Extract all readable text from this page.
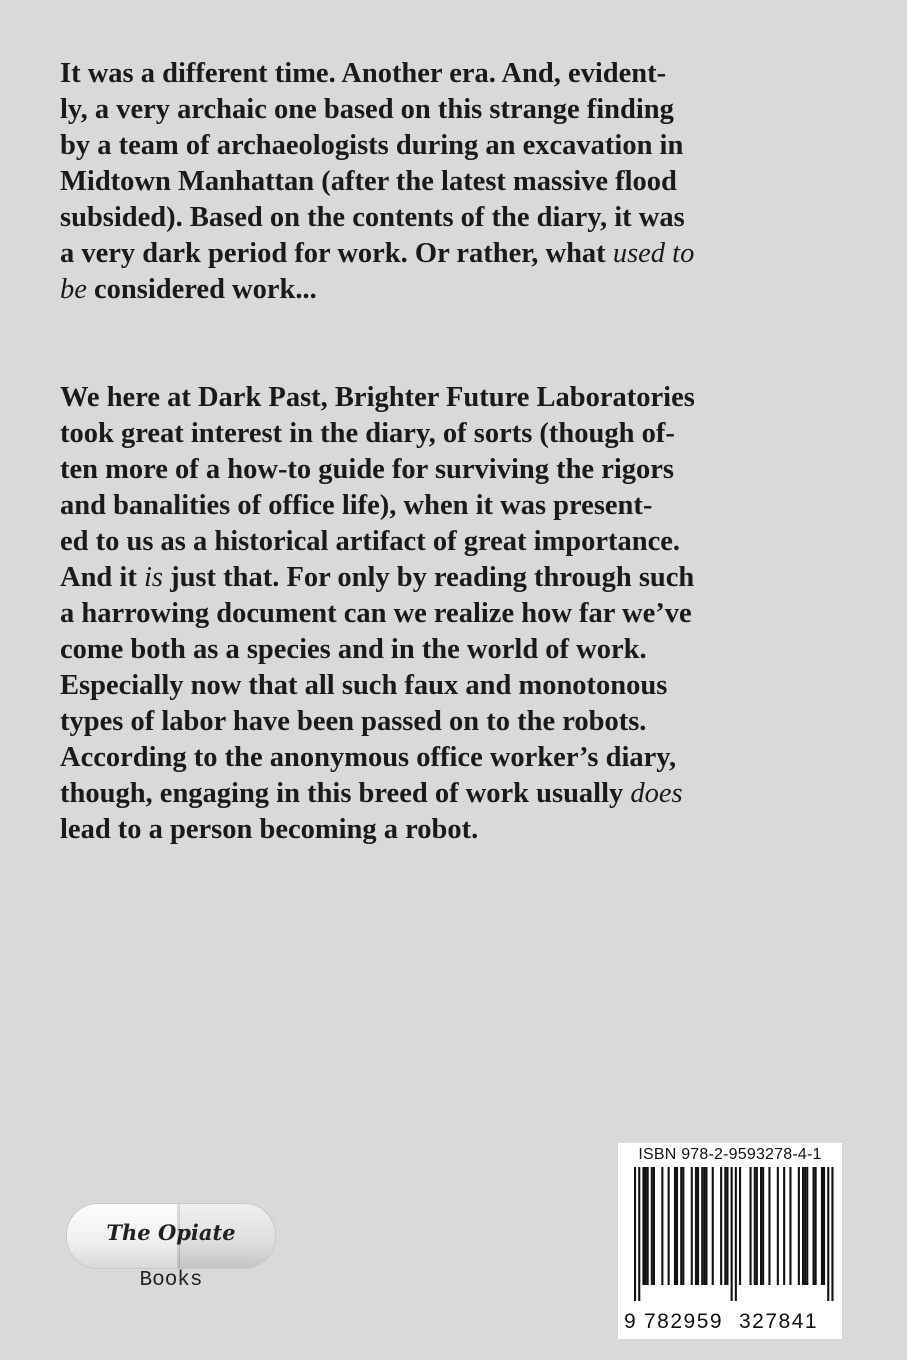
It was a different time. Another era. And, evident-
ly, a very archaic one based on this strange finding
by a team of archaeologists during an excavation in
Midtown Manhattan (after the latest massive flood
subsided). Based on the contents of the diary, it was
a very dark period for work. Or rather, what used to
be considered work...

We here at Dark Past, Brighter Future Laboratories
took great interest in the diary, of sorts (though of-
ten more of a how-to guide for surviving the rigors
and banalities of office life), when it was present-
ed to us as a historical artifact of great importance.
And it is just that. For only by reading through such
a harrowing document can we realize how far we’ve
come both as a species and in the world of work.
Especially now that all such faux and monotonous
types of labor have been passed on to the robots.
According to the anonymous office worker’s diary,
though, engaging in this breed of work usually does
lead to a person becoming a robot.

The Opiate
Books
ISBN 978-2-9593278-4-1
9 782959 327841
